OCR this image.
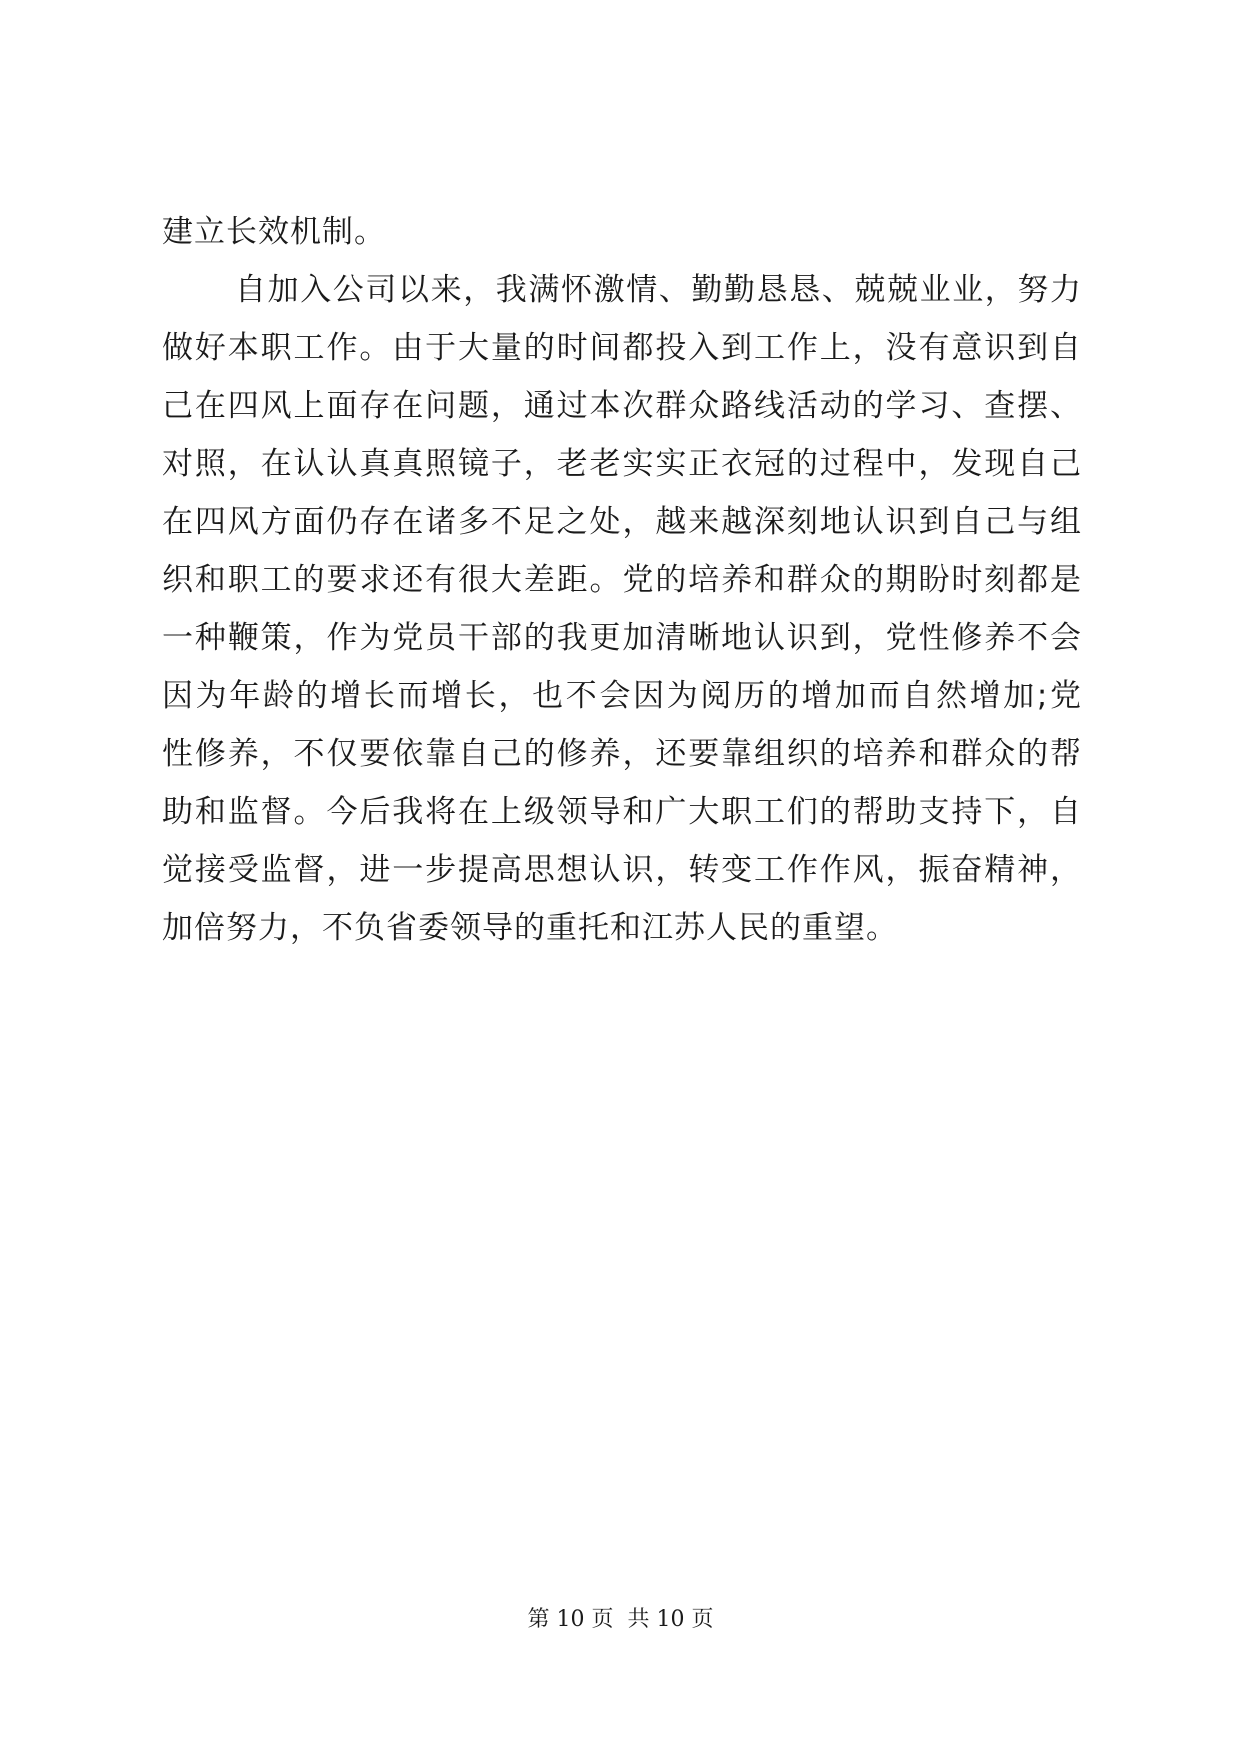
建立长效机制。
自加入公司以来，我满怀激情、勤勤恳恳、兢兢业业，努力
做好本职工作。由于大量的时间都投入到工作上，没有意识到自
己在四风上面存在问题，通过本次群众路线活动的学习、查摆、
对照，在认认真真照镜子，老老实实正衣冠的过程中，发现自己
在四风方面仍存在诸多不足之处，越来越深刻地认识到自己与组
织和职工的要求还有很大差距。党的培养和群众的期盼时刻都是
一种鞭策，作为党员干部的我更加清晰地认识到，党性修养不会
因为年龄的增长而增长，也不会因为阅历的增加而自然增加;党
性修养，不仅要依靠自己的修养，还要靠组织的培养和群众的帮
助和监督。今后我将在上级领导和广大职工们的帮助支持下，自
觉接受监督，进一步提高思想认识，转变工作作风，振奋精神，
加倍努力，不负省委领导的重托和江苏人民的重望。
第 10 页 共 10 页
